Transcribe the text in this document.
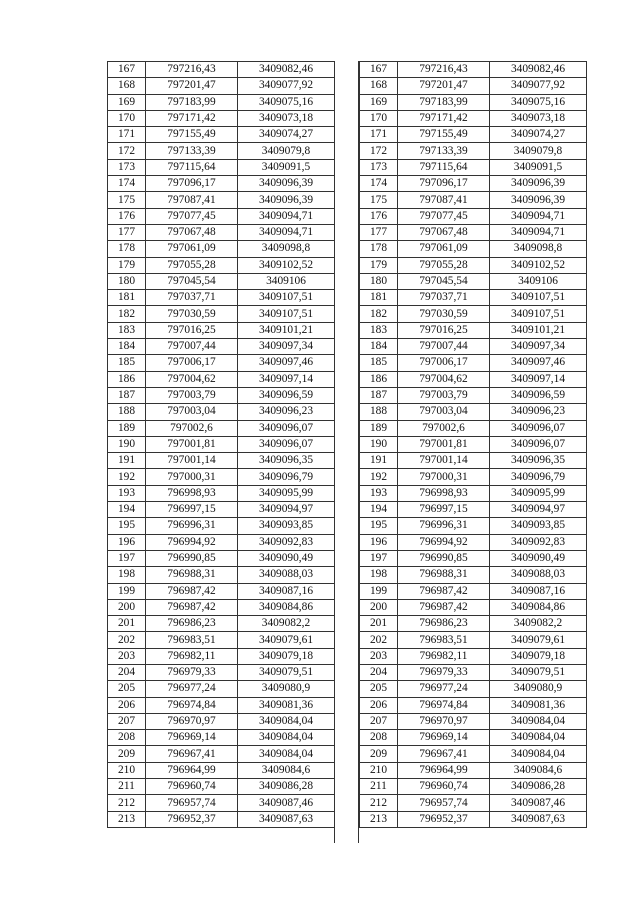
167	797216,43	3409082,46
168	797201,47	3409077,92
169	797183,99	3409075,16
170	797171,42	3409073,18
171	797155,49	3409074,27
172	797133,39	3409079,8
173	797115,64	3409091,5
174	797096,17	3409096,39
175	797087,41	3409096,39
176	797077,45	3409094,71
177	797067,48	3409094,71
178	797061,09	3409098,8
179	797055,28	3409102,52
180	797045,54	3409106
181	797037,71	3409107,51
182	797030,59	3409107,51
183	797016,25	3409101,21
184	797007,44	3409097,34
185	797006,17	3409097,46
186	797004,62	3409097,14
187	797003,79	3409096,59
188	797003,04	3409096,23
189	797002,6	3409096,07
190	797001,81	3409096,07
191	797001,14	3409096,35
192	797000,31	3409096,79
193	796998,93	3409095,99
194	796997,15	3409094,97
195	796996,31	3409093,85
196	796994,92	3409092,83
197	796990,85	3409090,49
198	796988,31	3409088,03
199	796987,42	3409087,16
200	796987,42	3409084,86
201	796986,23	3409082,2
202	796983,51	3409079,61
203	796982,11	3409079,18
204	796979,33	3409079,51
205	796977,24	3409080,9
206	796974,84	3409081,36
207	796970,97	3409084,04
208	796969,14	3409084,04
209	796967,41	3409084,04
210	796964,99	3409084,6
211	796960,74	3409086,28
212	796957,74	3409087,46
213	796952,37	3409087,63
167	797216,43	3409082,46
168	797201,47	3409077,92
169	797183,99	3409075,16
170	797171,42	3409073,18
171	797155,49	3409074,27
172	797133,39	3409079,8
173	797115,64	3409091,5
174	797096,17	3409096,39
175	797087,41	3409096,39
176	797077,45	3409094,71
177	797067,48	3409094,71
178	797061,09	3409098,8
179	797055,28	3409102,52
180	797045,54	3409106
181	797037,71	3409107,51
182	797030,59	3409107,51
183	797016,25	3409101,21
184	797007,44	3409097,34
185	797006,17	3409097,46
186	797004,62	3409097,14
187	797003,79	3409096,59
188	797003,04	3409096,23
189	797002,6	3409096,07
190	797001,81	3409096,07
191	797001,14	3409096,35
192	797000,31	3409096,79
193	796998,93	3409095,99
194	796997,15	3409094,97
195	796996,31	3409093,85
196	796994,92	3409092,83
197	796990,85	3409090,49
198	796988,31	3409088,03
199	796987,42	3409087,16
200	796987,42	3409084,86
201	796986,23	3409082,2
202	796983,51	3409079,61
203	796982,11	3409079,18
204	796979,33	3409079,51
205	796977,24	3409080,9
206	796974,84	3409081,36
207	796970,97	3409084,04
208	796969,14	3409084,04
209	796967,41	3409084,04
210	796964,99	3409084,6
211	796960,74	3409086,28
212	796957,74	3409087,46
213	796952,37	3409087,63
